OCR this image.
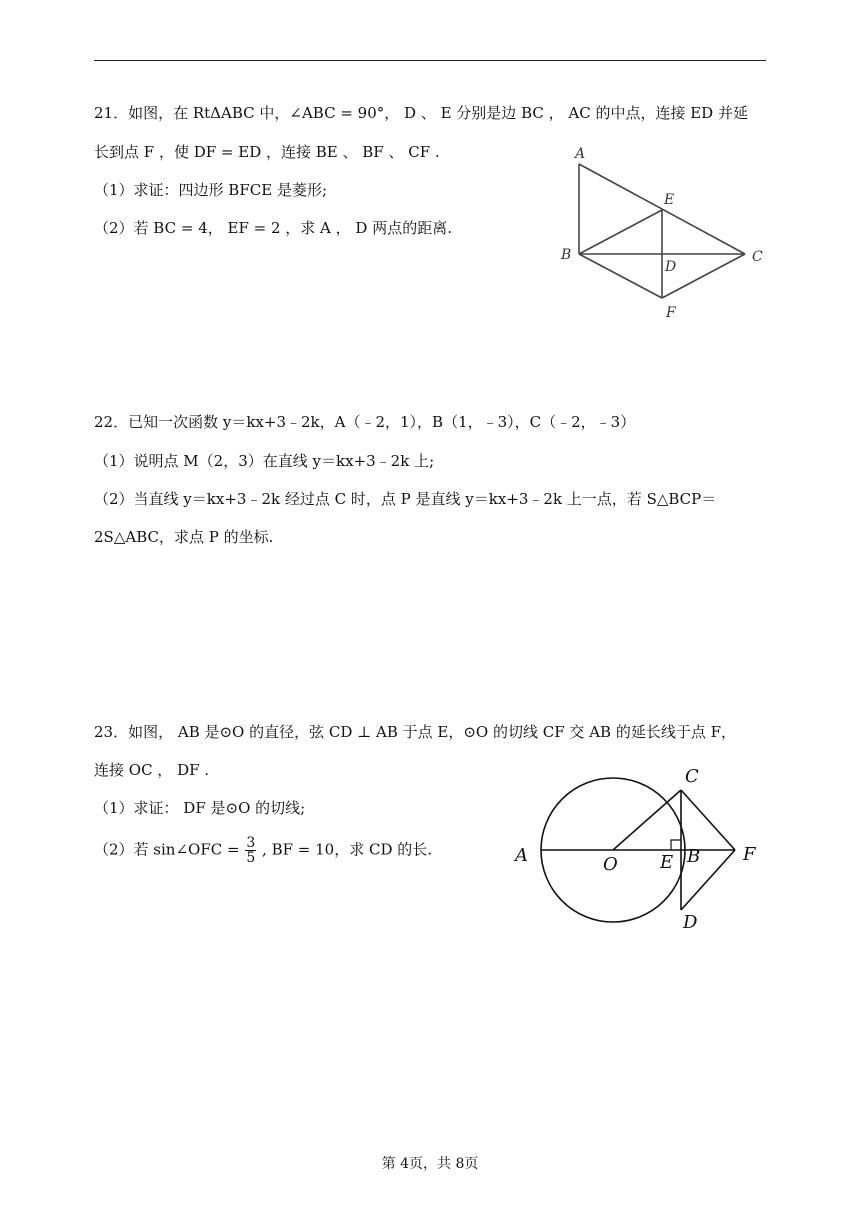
21．如图，在 RtΔABC 中，∠ABC = 90°， D 、 E 分别是边 BC ， AC 的中点，连接 ED 并延
长到点 F ，使 DF = ED ，连接 BE 、 BF 、 CF .
（1）求证：四边形 BFCE 是菱形;
（2）若 BC = 4， EF = 2 ，求 A ， D 两点的距离.
A
B	C
D
E
F
22．已知一次函数 y＝kx+3﹣2k，A（﹣2，1），B（1，﹣3），C（﹣2，﹣3）
（1）说明点 M（2，3）在直线 y＝kx+3﹣2k 上;
（2）当直线 y＝kx+3﹣2k 经过点 C 时，点 P 是直线 y＝kx+3﹣2k 上一点，若 S△BCP＝
2S△ABC，求点 P 的坐标.
23．如图， AB 是⊙O 的直径，弦 CD ⊥ AB 于点 E，⊙O 的切线 CF 交 AB 的延长线于点 F，
连接 OC ， DF .
（1）求证： DF 是⊙O 的切线;
（2）若 sin∠OFC = $\frac{3}{5}$ , BF = 10，求 CD 的长.	A	B
C
D
E	F
O
第 4页，共 8页
